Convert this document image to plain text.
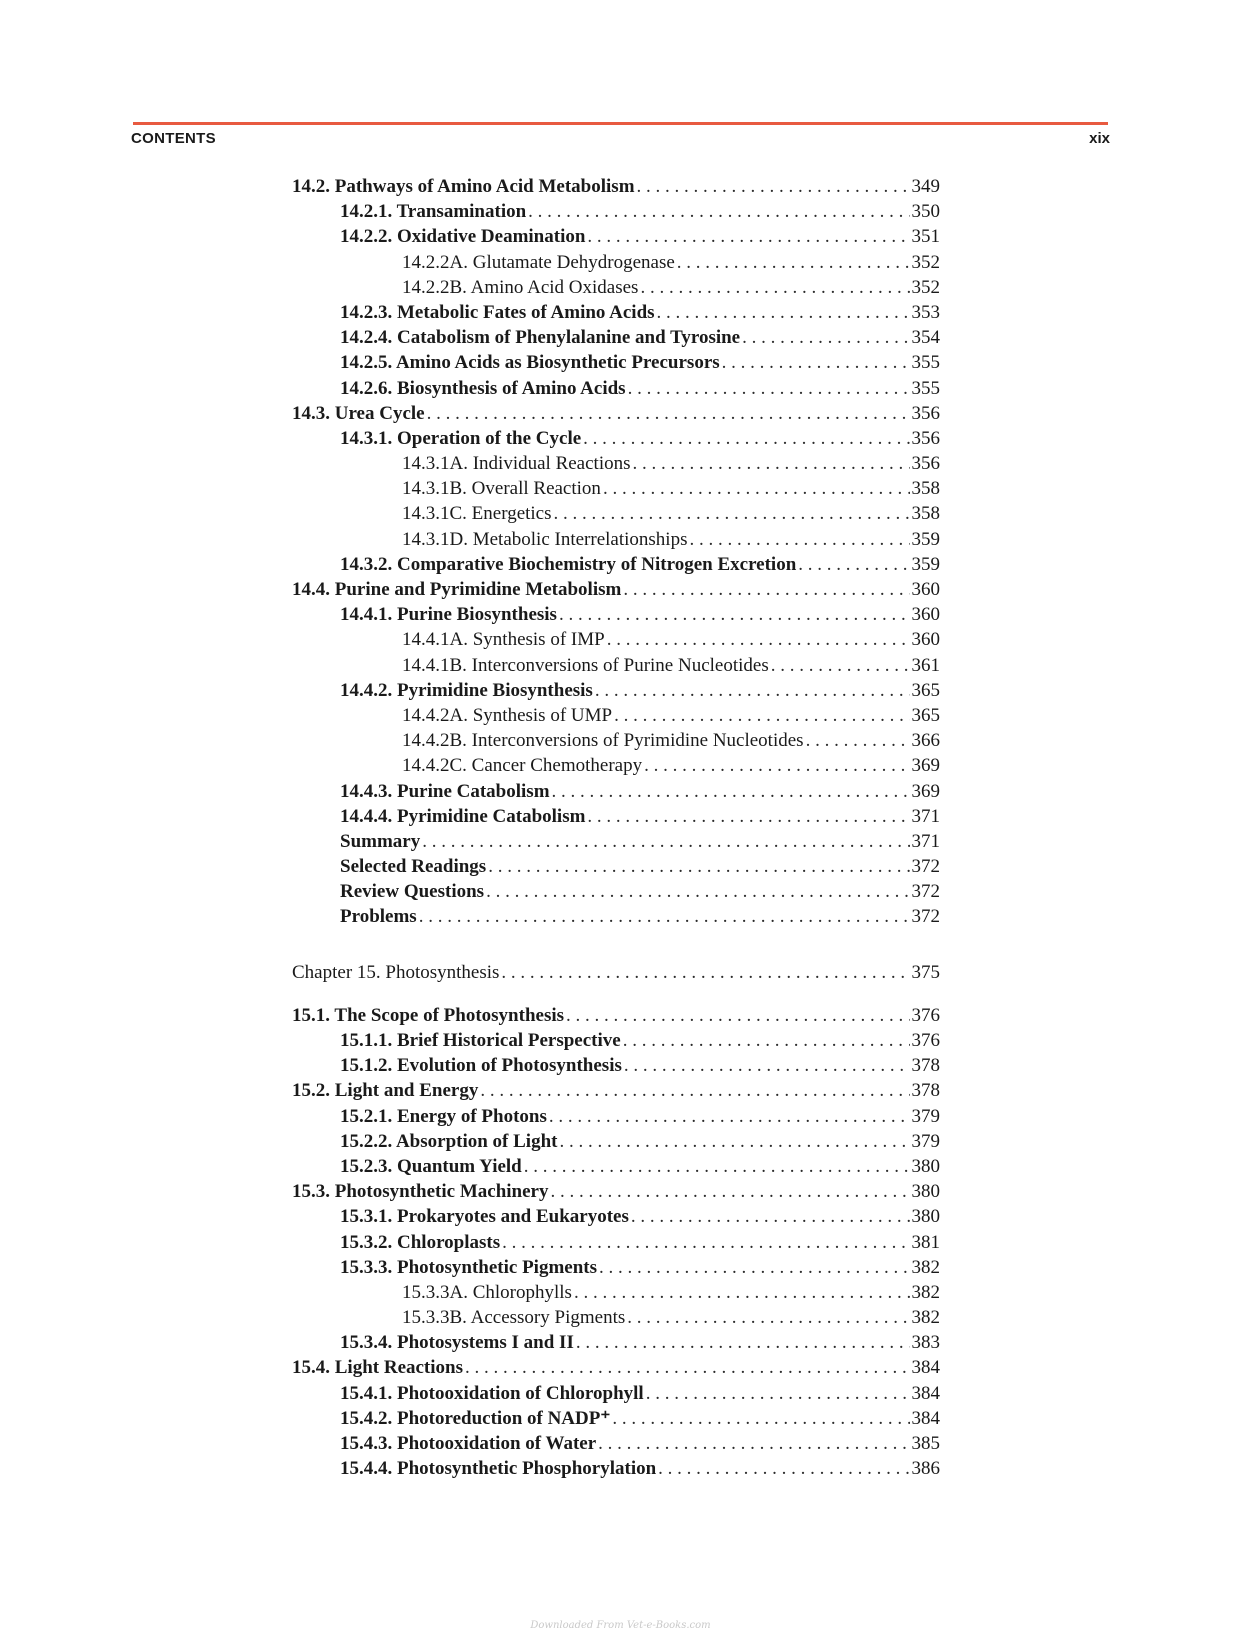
CONTENTS	xix
14.2. Pathways of Amino Acid Metabolism . . .	349
14.2.1. Transamination . . .	350
14.2.2. Oxidative Deamination . . .	351
14.2.2A. Glutamate Dehydrogenase . . .	352
14.2.2B. Amino Acid Oxidases . . .	352
14.2.3. Metabolic Fates of Amino Acids . . .	353
14.2.4. Catabolism of Phenylalanine and Tyrosine . . .	354
14.2.5. Amino Acids as Biosynthetic Precursors . . .	355
14.2.6. Biosynthesis of Amino Acids . . .	355
14.3. Urea Cycle . . .	356
14.3.1. Operation of the Cycle . . .	356
14.3.1A. Individual Reactions . . .	356
14.3.1B. Overall Reaction . . .	358
14.3.1C. Energetics . . .	358
14.3.1D. Metabolic Interrelationships . . .	359
14.3.2. Comparative Biochemistry of Nitrogen Excretion . . .	359
14.4. Purine and Pyrimidine Metabolism . . .	360
14.4.1. Purine Biosynthesis . . .	360
14.4.1A. Synthesis of IMP . . .	360
14.4.1B. Interconversions of Purine Nucleotides . . .	361
14.4.2. Pyrimidine Biosynthesis . . .	365
14.4.2A. Synthesis of UMP . . .	365
14.4.2B. Interconversions of Pyrimidine Nucleotides . . .	366
14.4.2C. Cancer Chemotherapy . . .	369
14.4.3. Purine Catabolism . . .	369
14.4.4. Pyrimidine Catabolism . . .	371
Summary . . .	371
Selected Readings . . .	372
Review Questions . . .	372
Problems . . .	372
Chapter 15. Photosynthesis . . .	375
15.1. The Scope of Photosynthesis . . .	376
15.1.1. Brief Historical Perspective . . .	376
15.1.2. Evolution of Photosynthesis . . .	378
15.2. Light and Energy . . .	378
15.2.1. Energy of Photons . . .	379
15.2.2. Absorption of Light . . .	379
15.2.3. Quantum Yield . . .	380
15.3. Photosynthetic Machinery . . .	380
15.3.1. Prokaryotes and Eukaryotes . . .	380
15.3.2. Chloroplasts . . .	381
15.3.3. Photosynthetic Pigments . . .	382
15.3.3A. Chlorophylls . . .	382
15.3.3B. Accessory Pigments . . .	382
15.3.4. Photosystems I and II . . .	383
15.4. Light Reactions . . .	384
15.4.1. Photooxidation of Chlorophyll . . .	384
15.4.2. Photoreduction of NADP⁺ . . .	384
15.4.3. Photooxidation of Water . . .	385
15.4.4. Photosynthetic Phosphorylation . . .	386
Downloaded From Vet-e-Books.com
